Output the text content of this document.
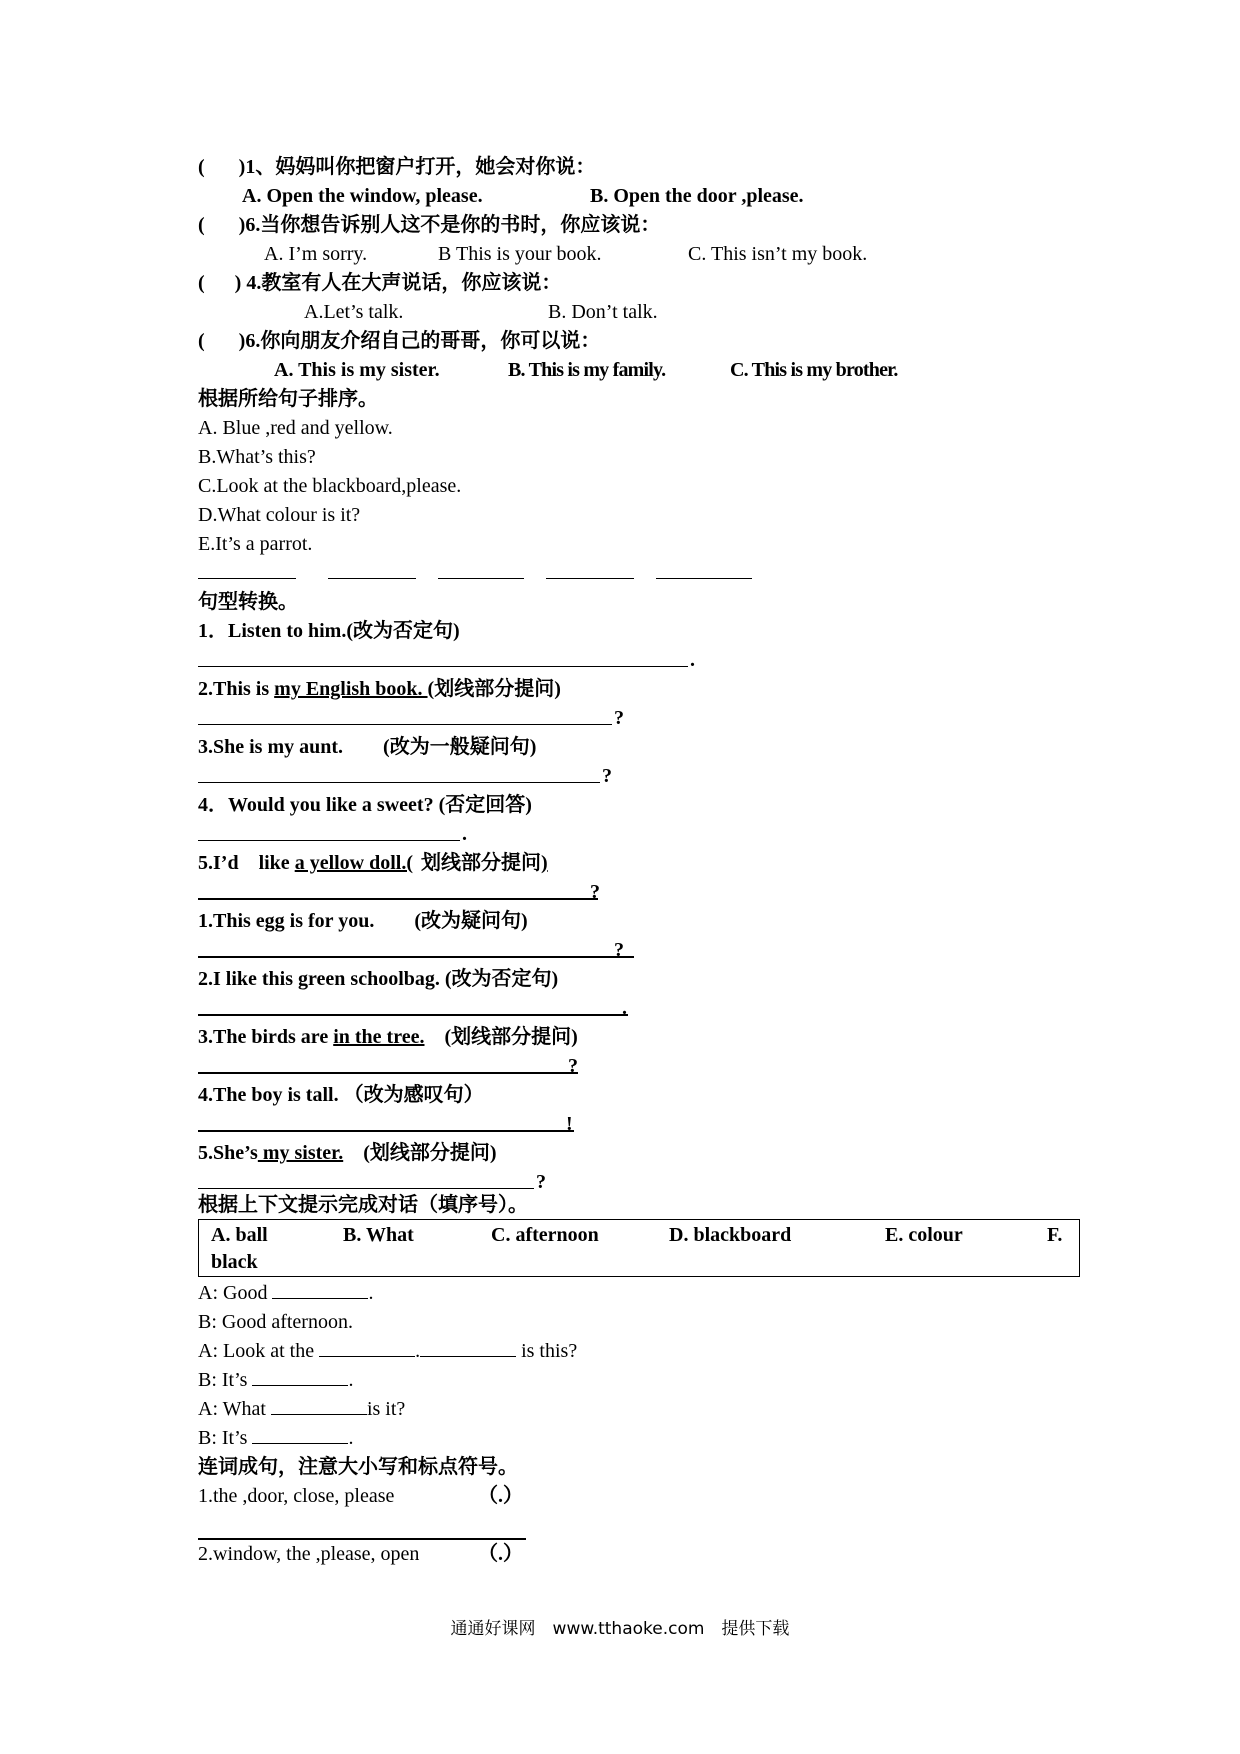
( )1、妈妈叫你把窗户打开，她会对你说：
A. Open the window, please.	B. Open the door ,please.
( )6.当你想告诉别人这不是你的书时，你应该说：
A. I’m sorry.	B This is your book.	C. This isn’t my book.
( ) 4.教室有人在大声说话，你应该说：
A.Let’s talk.	B. Don’t talk.
( )6.你向朋友介绍自己的哥哥，你可以说：
A. This is my sister.	B. This is my family.	C. This is my brother.
根据所给句子排序。
A. Blue ,red and yellow.
B.What’s this?
C.Look at the blackboard,please.
D.What colour is it?
E.It’s a parrot.
句型转换。
1．Listen to him.(改为否定句)
.
2.This is my English book. (划线部分提问)
?
3.She is my aunt.　　(改为一般疑问句)
?
4．Would you like a sweet? (否定回答)
.
5.I’d　like a yellow doll.( 划线部分提问)
?
1.This egg is for you.　　(改为疑问句)
?
2.I like this green schoolbag. (改为否定句)
.
3.The birds are in the tree.　(划线部分提问)
?
4.The boy is tall. （改为感叹句）
!
5.She’s my sister.　(划线部分提问)
?
根据上下文提示完成对话（填序号）。
A. ball	B. What	C. afternoon	D. blackboard	E. colour	F.
black
A: Good	.
B: Good afternoon.
A: Look at the	.	is this?
B: It’s	.
A: What	is it?
B: It’s	.
连词成句，注意大小写和标点符号。
1.the ,door, close, please	（.）
2.window, the ,please, open	（.）
通通好课网　www.tthaoke.com　提供下载
